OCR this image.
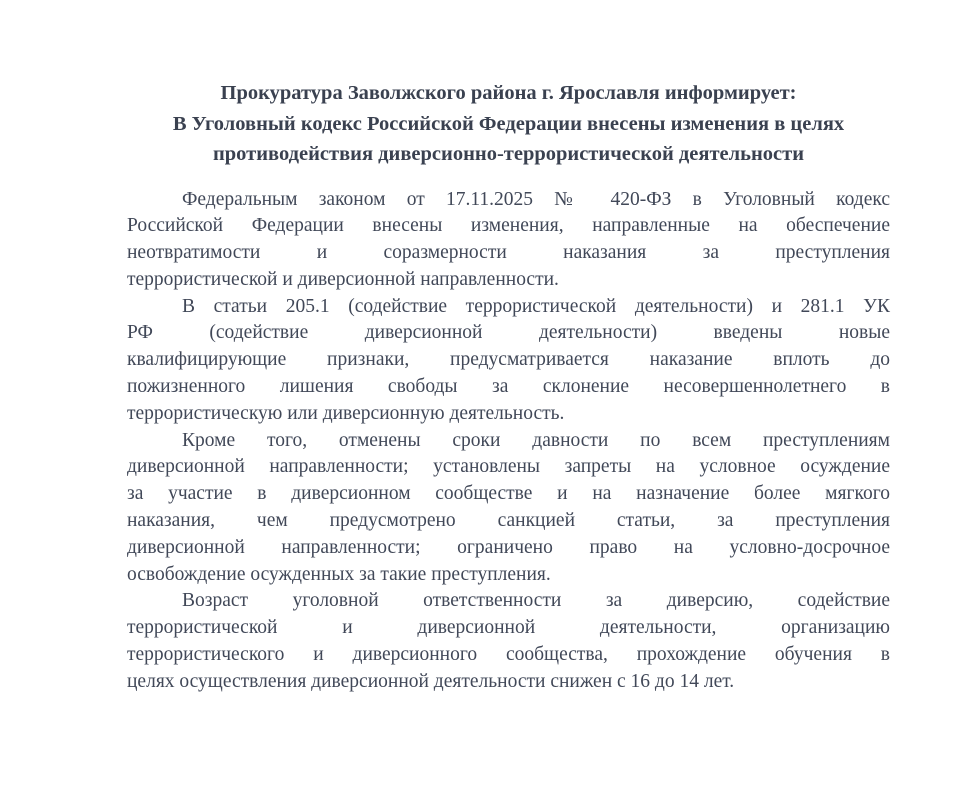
Прокуратура Заволжского района г. Ярославля информирует:
В Уголовный кодекс Российской Федерации внесены изменения в целях
противодействия диверсионно-террористической деятельности

Федеральным законом от 17.11.2025 № 420-ФЗ в Уголовный кодекс
Российской Федерации внесены изменения, направленные на обеспечение
неотвратимости и соразмерности наказания за преступления
террористической и диверсионной направленности.

В статьи 205.1 (содействие террористической деятельности) и 281.1 УК
РФ (содействие диверсионной деятельности) введены новые
квалифицирующие признаки, предусматривается наказание вплоть до
пожизненного лишения свободы за склонение несовершеннолетнего в
террористическую или диверсионную деятельность.

Кроме того, отменены сроки давности по всем преступлениям
диверсионной направленности; установлены запреты на условное осуждение
за участие в диверсионном сообществе и на назначение более мягкого
наказания, чем предусмотрено санкцией статьи, за преступления
диверсионной направленности; ограничено право на условно-досрочное
освобождение осужденных за такие преступления.

Возраст уголовной ответственности за диверсию, содействие
террористической и диверсионной деятельности, организацию
террористического и диверсионного сообщества, прохождение обучения в
целях осуществления диверсионной деятельности снижен с 16 до 14 лет.
